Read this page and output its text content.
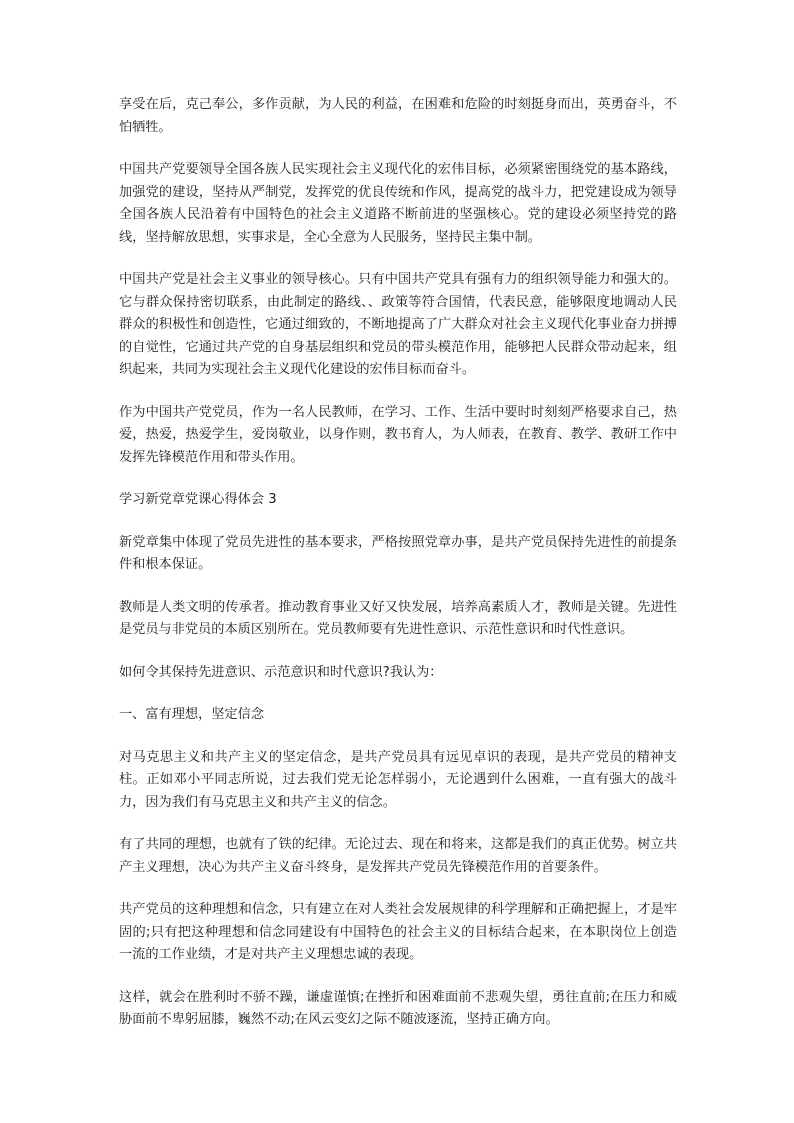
享受在后，克己奉公，多作贡献，为人民的利益，在困难和危险的时刻挺身而出，英勇奋斗，不怕牺牲。

中国共产党要领导全国各族人民实现社会主义现代化的宏伟目标，必须紧密围绕党的基本路线，加强党的建设，坚持从严制党，发挥党的优良传统和作风，提高党的战斗力，把党建设成为领导全国各族人民沿着有中国特色的社会主义道路不断前进的坚强核心。党的建设必须坚持党的路线，坚持解放思想，实事求是，全心全意为人民服务，坚持民主集中制。

中国共产党是社会主义事业的领导核心。只有中国共产党具有强有力的组织领导能力和强大的。它与群众保持密切联系，由此制定的路线、、政策等符合国情，代表民意，能够限度地调动人民群众的积极性和创造性，它通过细致的，不断地提高了广大群众对社会主义现代化事业奋力拼搏的自觉性，它通过共产党的自身基层组织和党员的带头模范作用，能够把人民群众带动起来，组织起来，共同为实现社会主义现代化建设的宏伟目标而奋斗。

作为中国共产党党员，作为一名人民教师，在学习、工作、生活中要时时刻刻严格要求自己，热爱，热爱，热爱学生，爱岗敬业，以身作则，教书育人，为人师表，在教育、教学、教研工作中发挥先锋模范作用和带头作用。

学习新党章党课心得体会 3

新党章集中体现了党员先进性的基本要求，严格按照党章办事，是共产党员保持先进性的前提条件和根本保证。

教师是人类文明的传承者。推动教育事业又好又快发展，培养高素质人才，教师是关键。先进性是党员与非党员的本质区别所在。党员教师要有先进性意识、示范性意识和时代性意识。

如何令其保持先进意识、示范意识和时代意识?我认为：

一、富有理想，坚定信念

对马克思主义和共产主义的坚定信念，是共产党员具有远见卓识的表现，是共产党员的精神支柱。正如邓小平同志所说，过去我们党无论怎样弱小，无论遇到什么困难，一直有强大的战斗力，因为我们有马克思主义和共产主义的信念。

有了共同的理想，也就有了铁的纪律。无论过去、现在和将来，这都是我们的真正优势。树立共产主义理想，决心为共产主义奋斗终身，是发挥共产党员先锋模范作用的首要条件。

共产党员的这种理想和信念，只有建立在对人类社会发展规律的科学理解和正确把握上，才是牢固的;只有把这种理想和信念同建设有中国特色的社会主义的目标结合起来，在本职岗位上创造一流的工作业绩，才是对共产主义理想忠诚的表现。

这样，就会在胜利时不骄不躁，谦虚谨慎;在挫折和困难面前不悲观失望，勇往直前;在压力和威胁面前不卑躬屈膝，巍然不动;在风云变幻之际不随波逐流，坚持正确方向。
